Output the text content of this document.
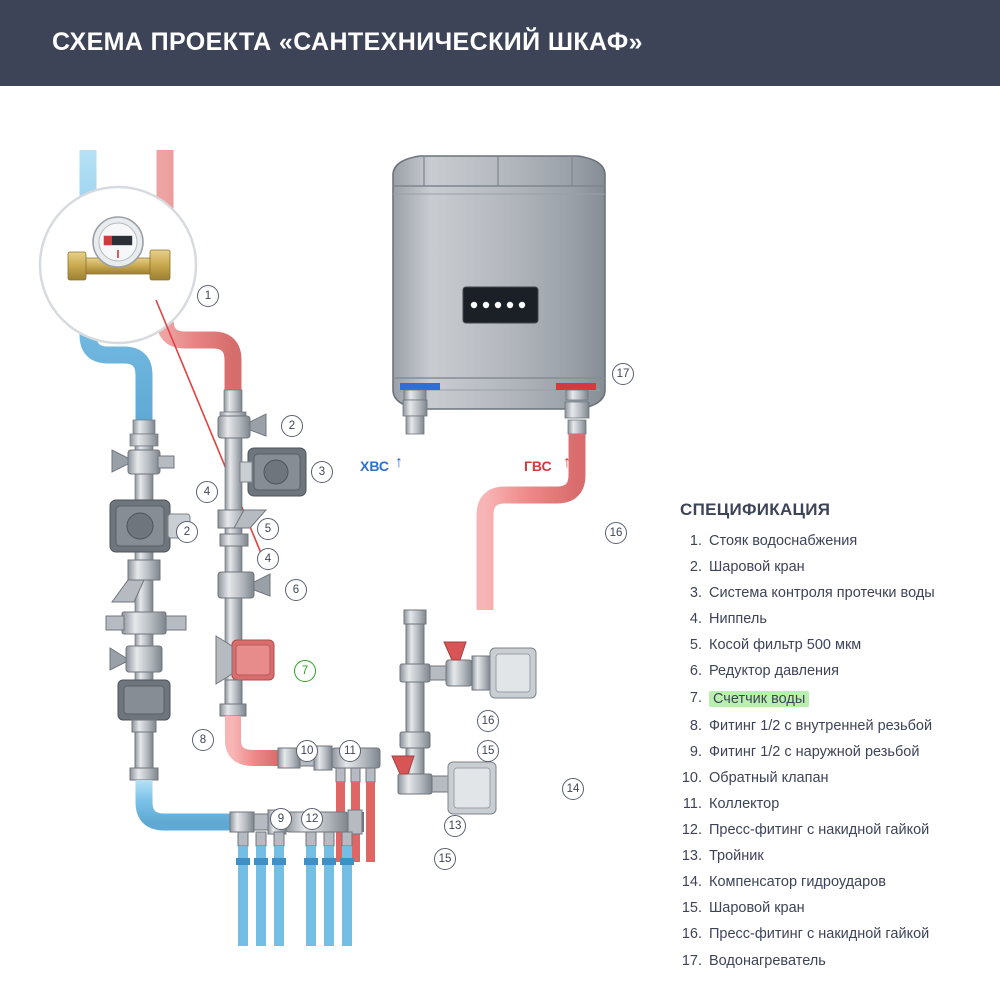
СХЕМА ПРОЕКТА «САНТЕХНИЧЕСКИЙ ШКАФ»
ХВС ↑	ГВС ↑
1
2
3
4
2	5
4
6
7
8
10	11
9	12
13
14
15
15
16
16
17
СПЕЦИФИКАЦИЯ
1. Стояк водоснабжения
2. Шаровой кран
3. Система контроля протечки воды
4. Ниппель
5. Косой фильтр 500 мкм
6. Редуктор давления
7. Счетчик воды
8. Фитинг 1/2 с внутренней резьбой
9. Фитинг 1/2 с наружной резьбой
10. Обратный клапан
11. Коллектор
12. Пресс-фитинг с накидной гайкой
13. Тройник
14. Компенсатор гидроударов
15. Шаровой кран
16. Пресс-фитинг с накидной гайкой
17. Водонагреватель
